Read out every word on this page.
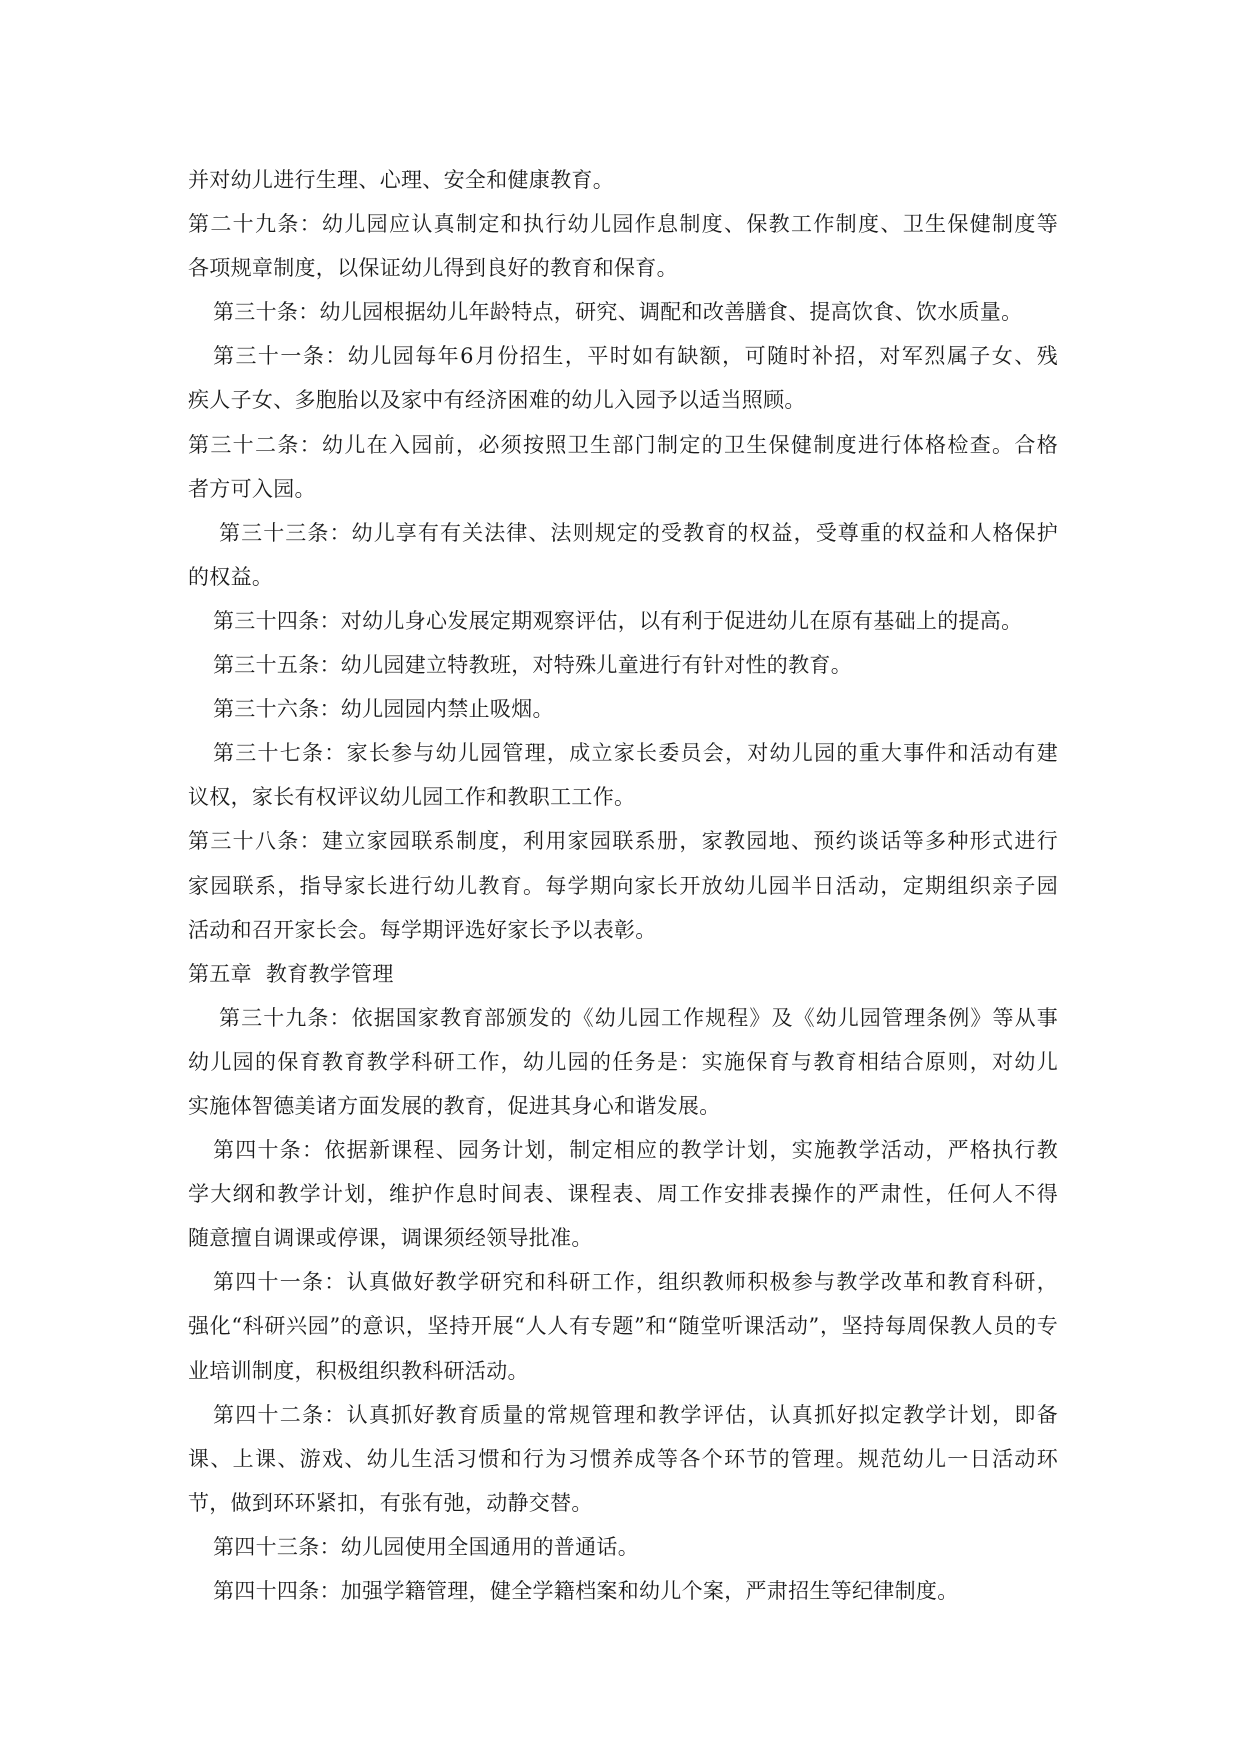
并对幼儿进行生理、心理、安全和健康教育。
第二十九条：幼儿园应认真制定和执行幼儿园作息制度、保教工作制度、卫生保健制度等
各项规章制度，以保证幼儿得到良好的教育和保育。
第三十条：幼儿园根据幼儿年龄特点，研究、调配和改善膳食、提高饮食、饮水质量。
第三十一条：幼儿园每年6月份招生，平时如有缺额，可随时补招，对军烈属子女、残
疾人子女、多胞胎以及家中有经济困难的幼儿入园予以适当照顾。
第三十二条：幼儿在入园前，必须按照卫生部门制定的卫生保健制度进行体格检查。合格
者方可入园。
第三十三条：幼儿享有有关法律、法则规定的受教育的权益，受尊重的权益和人格保护
的权益。
第三十四条：对幼儿身心发展定期观察评估，以有利于促进幼儿在原有基础上的提高。
第三十五条：幼儿园建立特教班，对特殊儿童进行有针对性的教育。
第三十六条：幼儿园园内禁止吸烟。
第三十七条：家长参与幼儿园管理，成立家长委员会，对幼儿园的重大事件和活动有建
议权，家长有权评议幼儿园工作和教职工工作。
第三十八条：建立家园联系制度，利用家园联系册，家教园地、预约谈话等多种形式进行
家园联系，指导家长进行幼儿教育。每学期向家长开放幼儿园半日活动，定期组织亲子园
活动和召开家长会。每学期评选好家长予以表彰。
第五章  教育教学管理
第三十九条：依据国家教育部颁发的《幼儿园工作规程》及《幼儿园管理条例》等从事
幼儿园的保育教育教学科研工作，幼儿园的任务是：实施保育与教育相结合原则，对幼儿
实施体智德美诸方面发展的教育，促进其身心和谐发展。
第四十条：依据新课程、园务计划，制定相应的教学计划，实施教学活动，严格执行教
学大纲和教学计划，维护作息时间表、课程表、周工作安排表操作的严肃性，任何人不得
随意擅自调课或停课，调课须经领导批准。
第四十一条：认真做好教学研究和科研工作，组织教师积极参与教学改革和教育科研，
强化“科研兴园”的意识，坚持开展“人人有专题”和“随堂听课活动”，坚持每周保教人员的专
业培训制度，积极组织教科研活动。
第四十二条：认真抓好教育质量的常规管理和教学评估，认真抓好拟定教学计划，即备
课、上课、游戏、幼儿生活习惯和行为习惯养成等各个环节的管理。规范幼儿一日活动环
节，做到环环紧扣，有张有弛，动静交替。
第四十三条：幼儿园使用全国通用的普通话。
第四十四条：加强学籍管理，健全学籍档案和幼儿个案，严肃招生等纪律制度。
